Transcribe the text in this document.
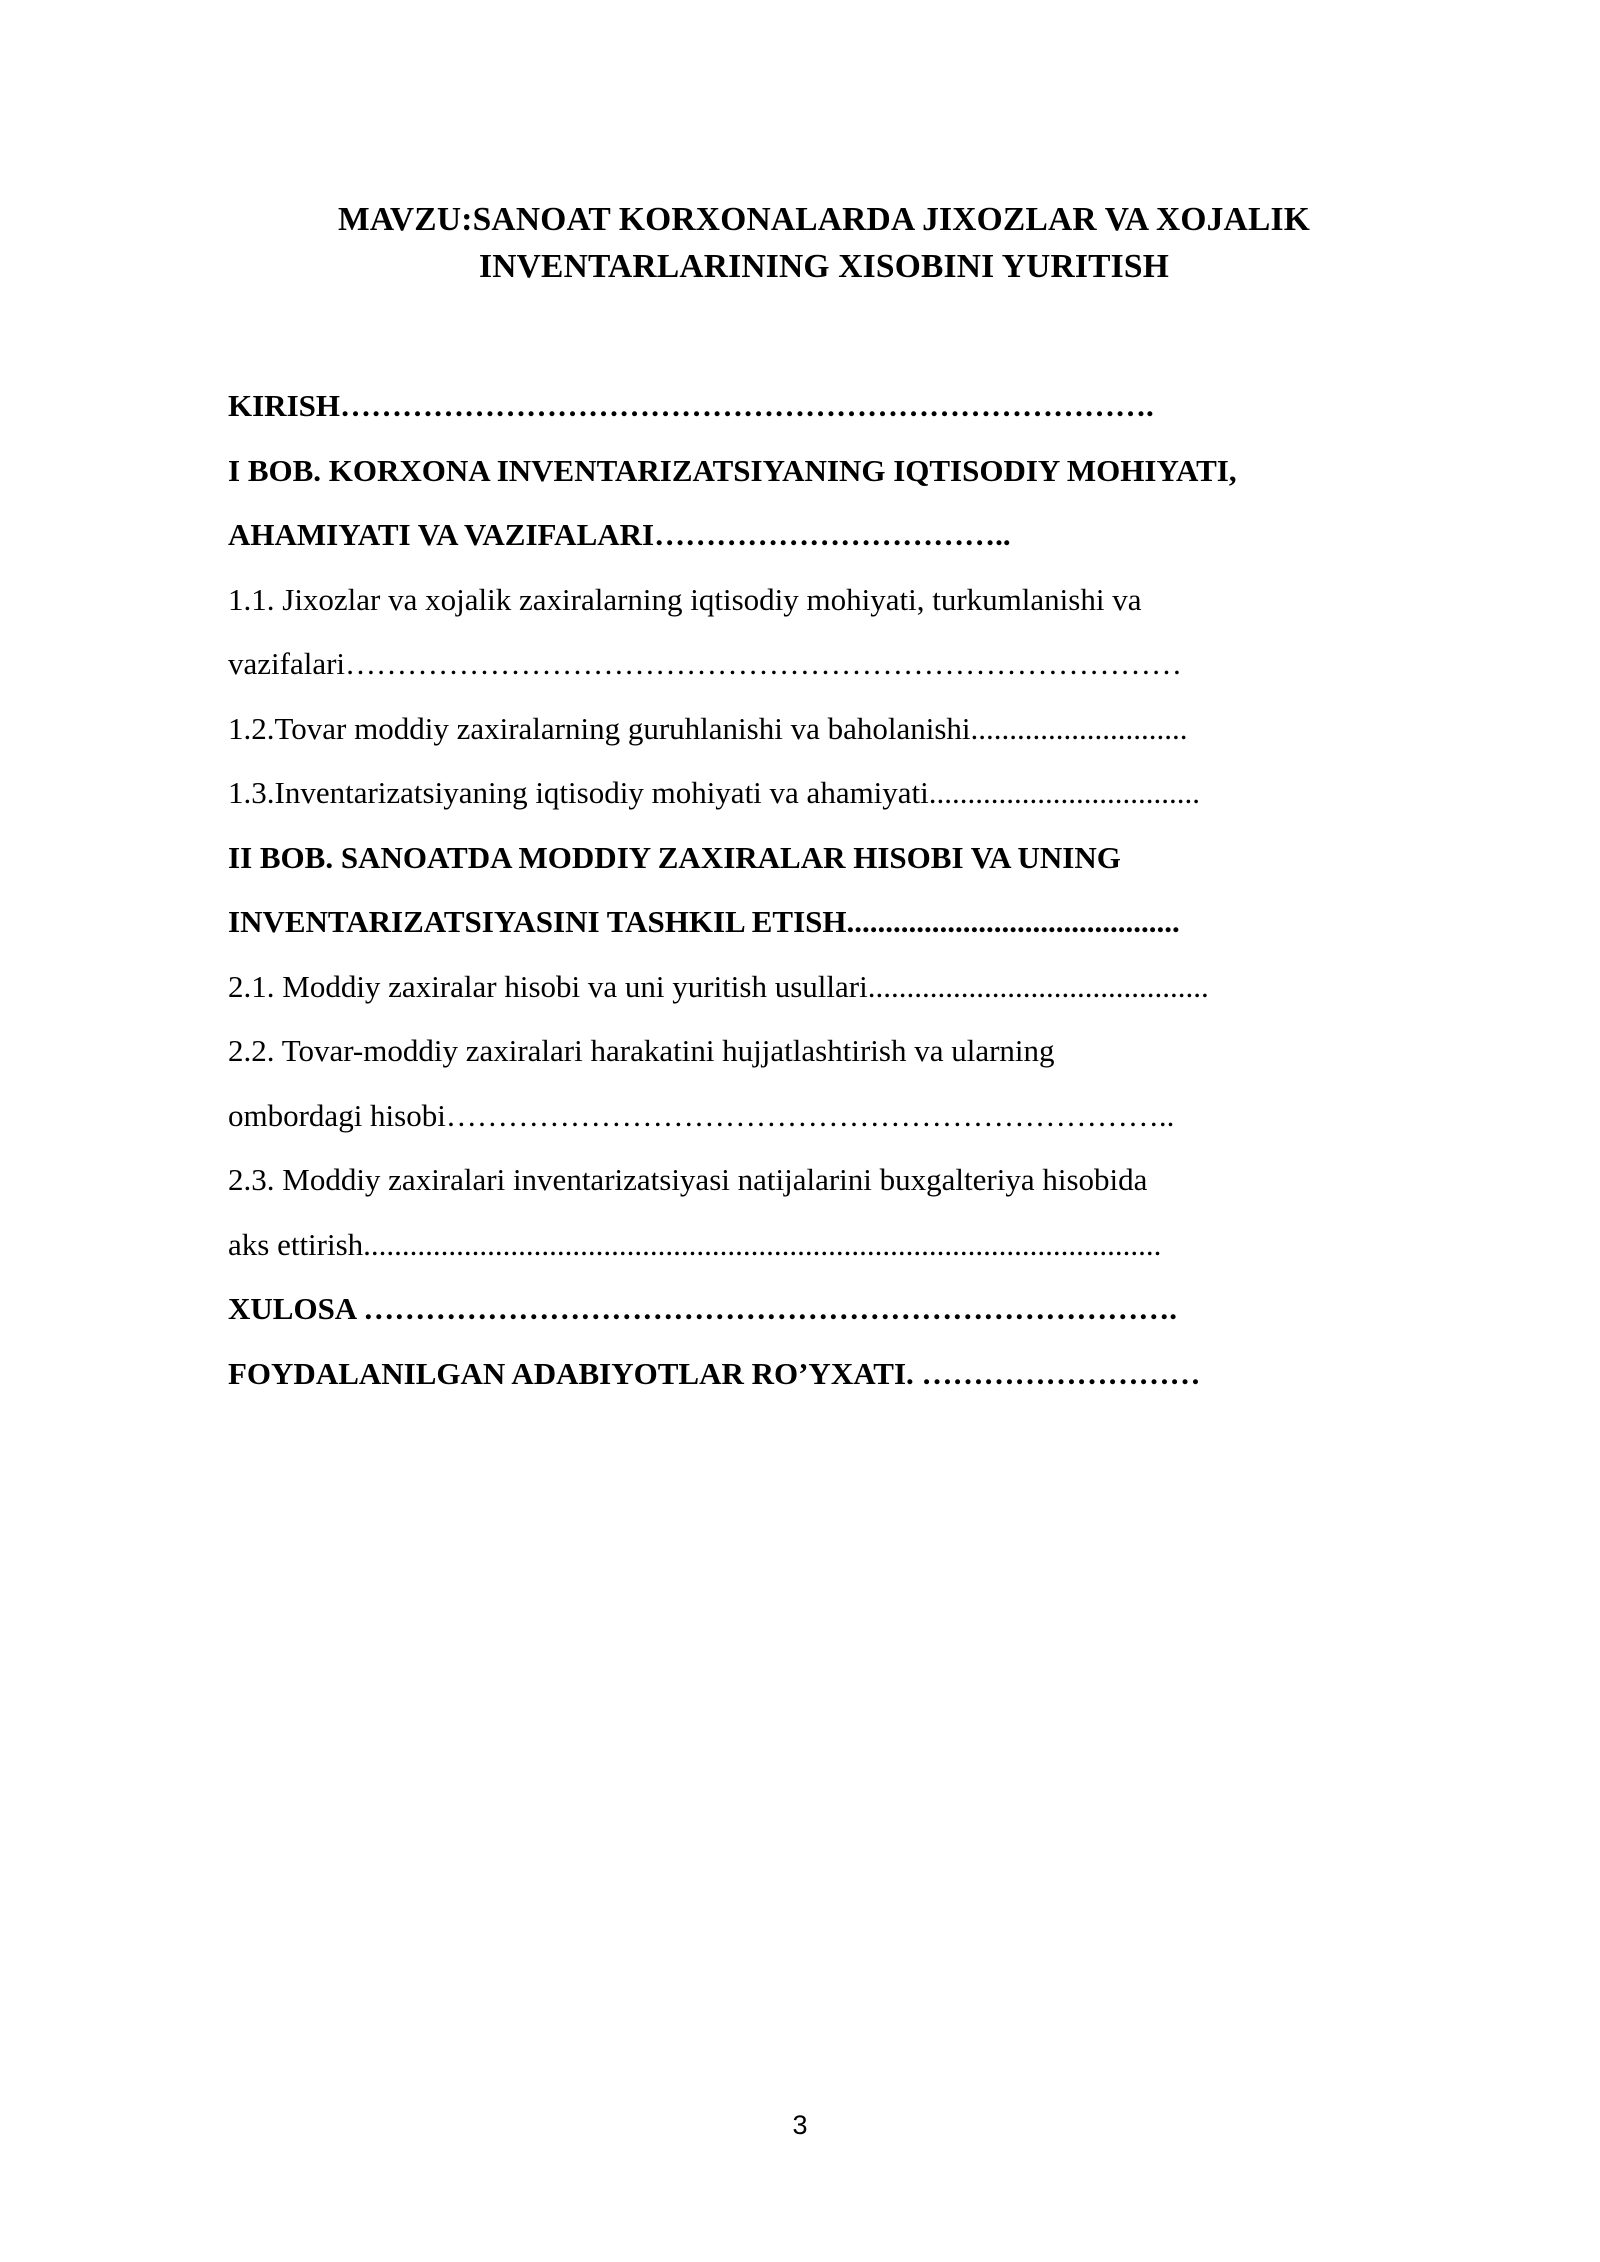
MAVZU:SANOAT KORXONALARDA JIXOZLAR VA XOJALIK
INVENTARLARINING XISOBINI YURITISH
KIRISH…………………………………………………………………….
I BOB. KORXONA INVENTARIZATSIYANING IQTISODIY MOHIYATI,
AHAMIYATI VA VAZIFALARI……………………………..
1.1. Jixozlar va xojalik zaxiralarning iqtisodiy mohiyati, turkumlanishi va
vazifalari………………………………………………………………………
1.2.Tovar moddiy zaxiralarning guruhlanishi va baholanishi............................
1.3.Inventarizatsiyaning iqtisodiy mohiyati va ahamiyati...................................
II BOB. SANOATDA MODDIY ZAXIRALAR HISOBI VA UNING
INVENTARIZATSIYASINI TASHKIL ETISH...........................................
2.1. Moddiy zaxiralar hisobi va uni yuritish usullari............................................
2.2. Tovar-moddiy zaxiralari harakatini hujjatlashtirish va ularning
ombordagi hisobi……………………………………………………………..
2.3. Moddiy zaxiralari inventarizatsiyasi natijalarini buxgalteriya hisobida
aks ettirish.......................................................................................................
XULOSA …………………………………………………………………….
FOYDALANILGAN ADABIYOTLAR RO’YXATI. ………………………
3
